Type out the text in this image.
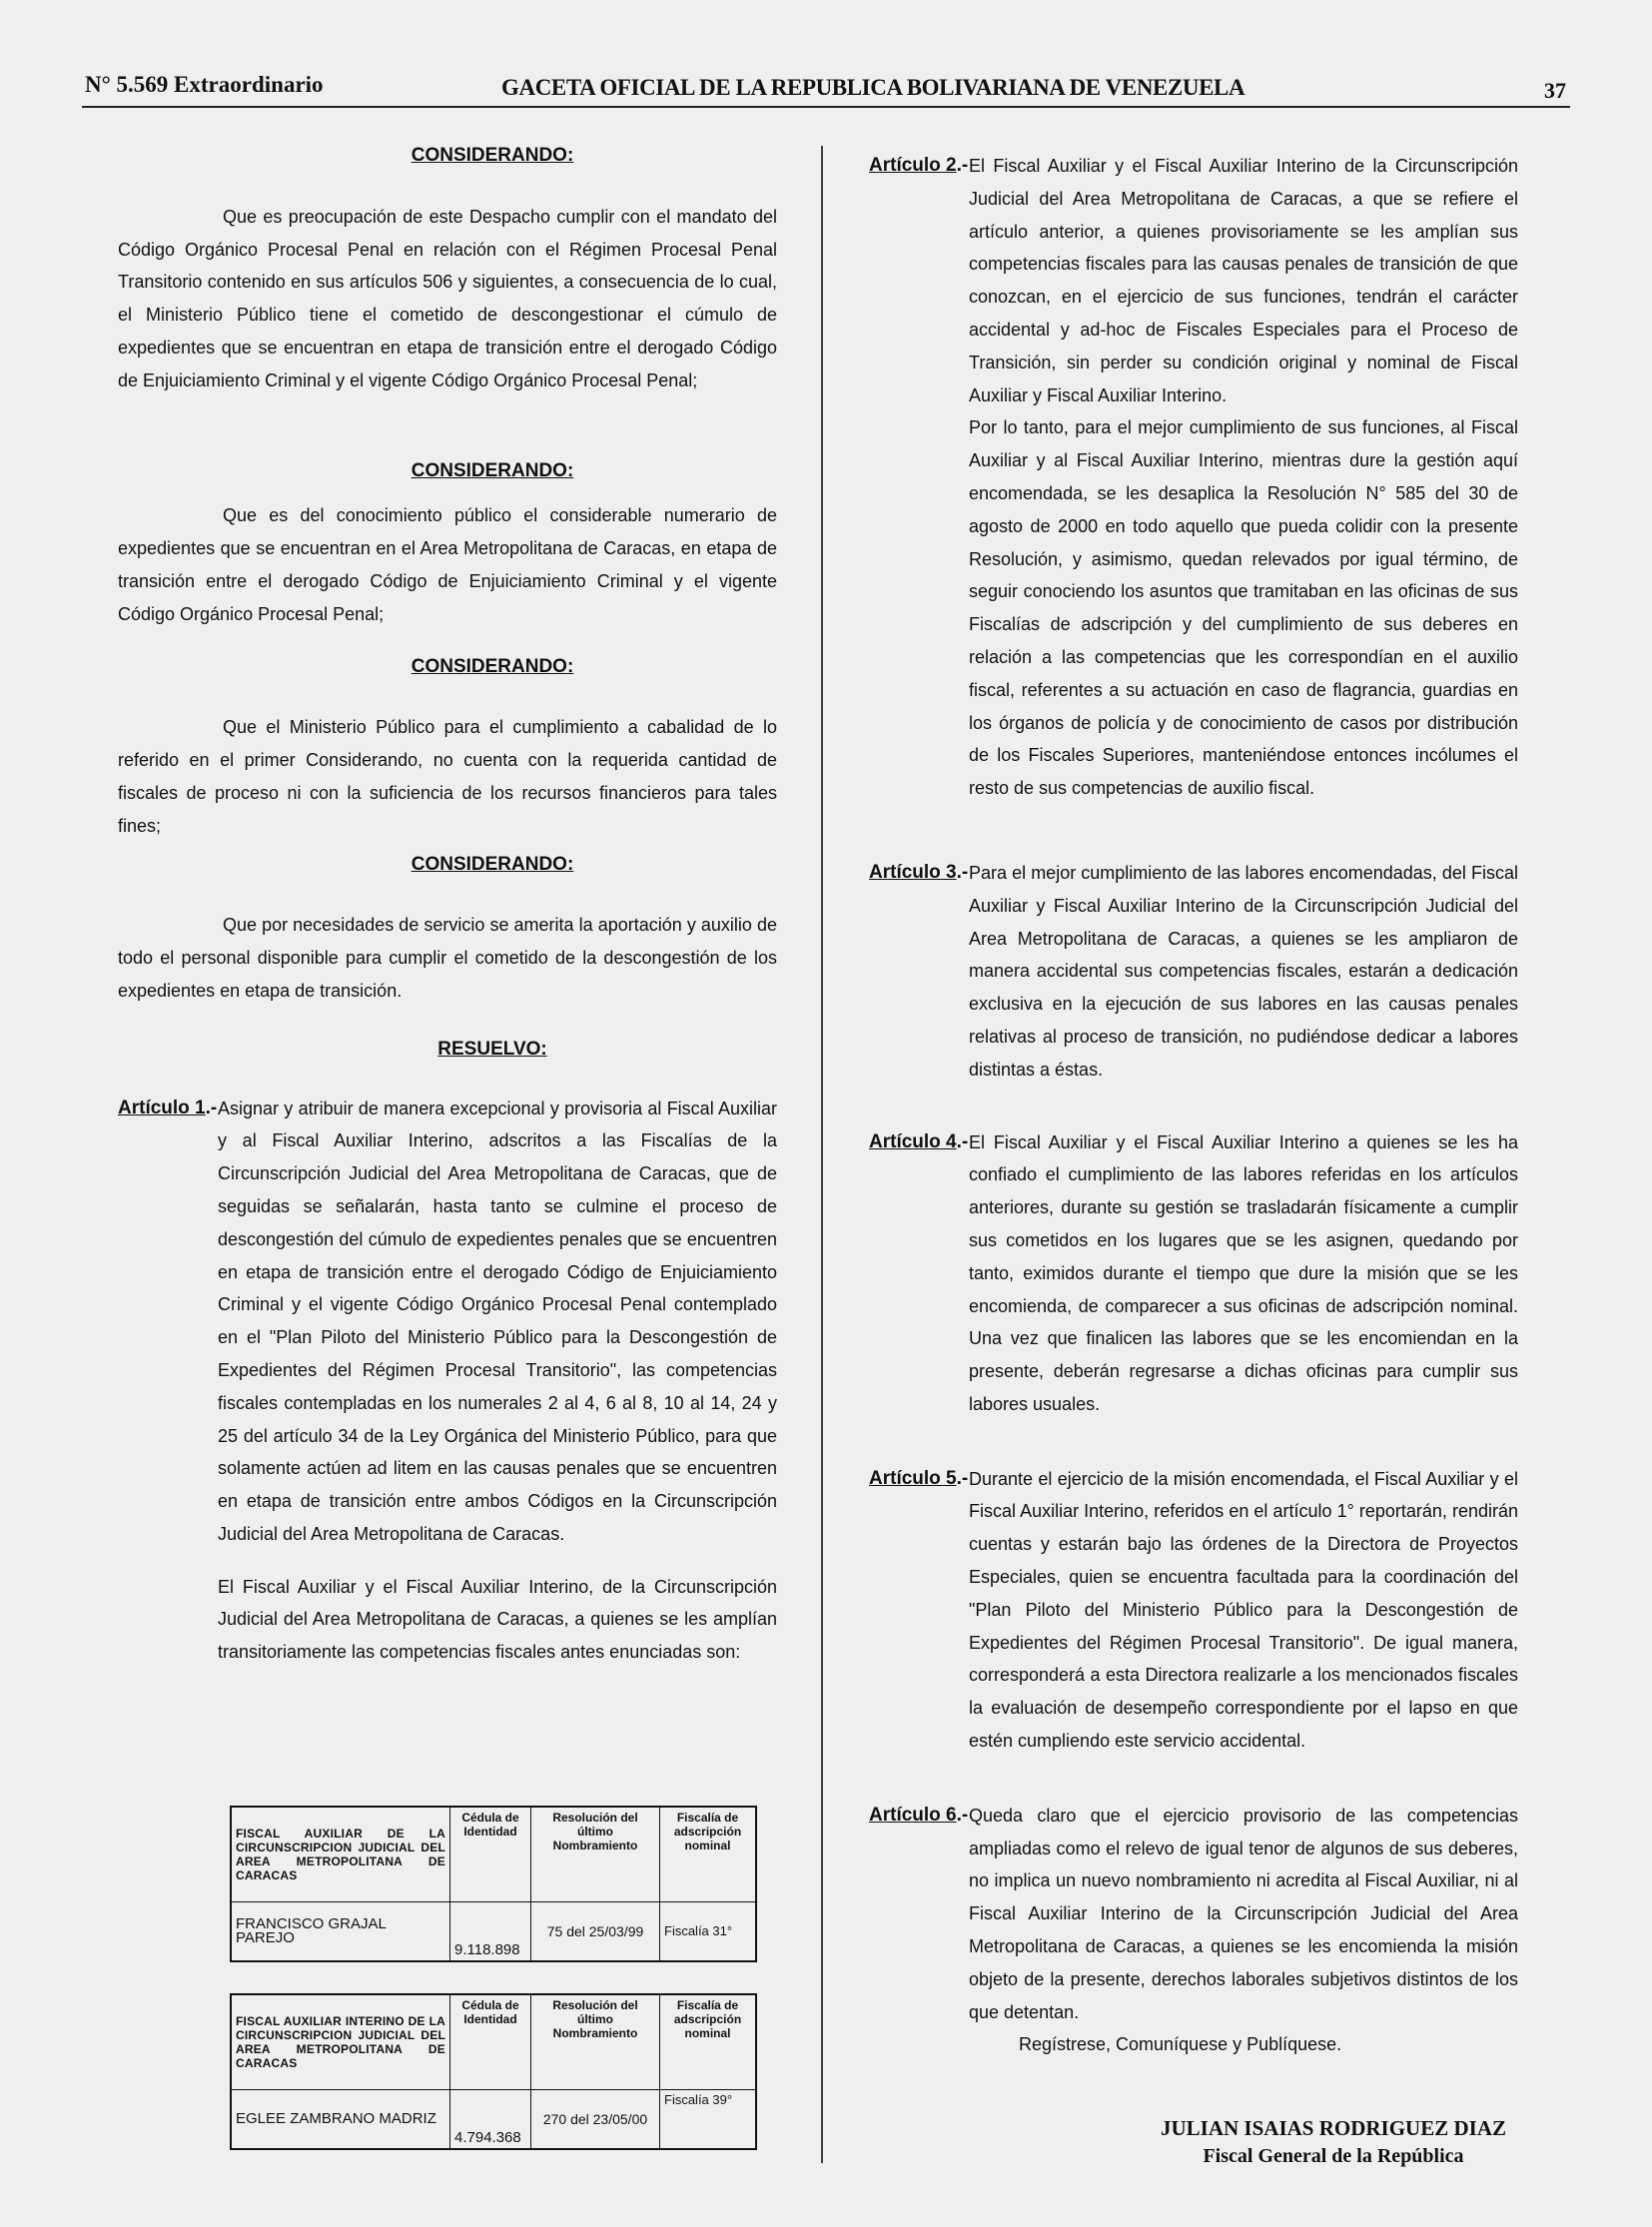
N° 5.569 Extraordinario	GACETA OFICIAL DE LA REPUBLICA BOLIVARIANA DE VENEZUELA	37
CONSIDERANDO:

Que es preocupación de este Despacho cumplir con el mandato del Código Orgánico Procesal Penal en relación con el Régimen Procesal Penal Transitorio contenido en sus artículos 506 y siguientes, a consecuencia de lo cual, el Ministerio Público tiene el cometido de descongestionar el cúmulo de expedientes que se encuentran en etapa de transición entre el derogado Código de Enjuiciamiento Criminal y el vigente Código Orgánico Procesal Penal;

CONSIDERANDO:

Que es del conocimiento público el considerable numerario de expedientes que se encuentran en el Area Metropolitana de Caracas, en etapa de transición entre el derogado Código de Enjuiciamiento Criminal y el vigente Código Orgánico Procesal Penal;

CONSIDERANDO:

Que el Ministerio Público para el cumplimiento a cabalidad de lo referido en el primer Considerando, no cuenta con la requerida cantidad de fiscales de proceso ni con la suficiencia de los recursos financieros para tales fines;

CONSIDERANDO:

Que por necesidades de servicio se amerita la aportación y auxilio de todo el personal disponible para cumplir el cometido de la descongestión de los expedientes en etapa de transición.

RESUELVO:
Artículo 1.- Asignar y atribuir de manera excepcional y provisoria al Fiscal Auxiliar y al Fiscal Auxiliar Interino, adscritos a las Fiscalías de la Circunscripción Judicial del Area Metropolitana de Caracas, que de seguidas se señalarán, hasta tanto se culmine el proceso de descongestión del cúmulo de expedientes penales que se encuentren en etapa de transición entre el derogado Código de Enjuiciamiento Criminal y el vigente Código Orgánico Procesal Penal contemplado en el "Plan Piloto del Ministerio Público para la Descongestión de Expedientes del Régimen Procesal Transitorio", las competencias fiscales contempladas en los numerales 2 al 4, 6 al 8, 10 al 14, 24 y 25 del artículo 34 de la Ley Orgánica del Ministerio Público, para que solamente actúen ad litem en las causas penales que se encuentren en etapa de transición entre ambos Códigos en la Circunscripción Judicial del Area Metropolitana de Caracas.

El Fiscal Auxiliar y el Fiscal Auxiliar Interino, de la Circunscripción Judicial del Area Metropolitana de Caracas, a quienes se les amplían transitoriamente las competencias fiscales antes enunciadas son:

FISCAL AUXILIAR DE LA CIRCUNSCRIPCION JUDICIAL DEL AREA METROPOLITANA DE CARACAS	Cédula de Identidad	Resolución del último Nombramiento	Fiscalía de adscripción nominal
FRANCISCO GRAJAL PAREJO	9.118.898	75 del 25/03/99	Fiscalía 31°
FISCAL AUXILIAR INTERINO DE LA CIRCUNSCRIPCION JUDICIAL DEL AREA METROPOLITANA DE CARACAS	Cédula de Identidad	Resolución del último Nombramiento	Fiscalía de adscripción nominal
EGLEE ZAMBRANO MADRIZ	4.794.368	270 del 23/05/00	Fiscalía 39°
Artículo 2.- El Fiscal Auxiliar y el Fiscal Auxiliar Interino de la Circunscripción Judicial del Area Metropolitana de Caracas, a que se refiere el artículo anterior, a quienes provisoriamente se les amplían sus competencias fiscales para las causas penales de transición de que conozcan, en el ejercicio de sus funciones, tendrán el carácter accidental y ad-hoc de Fiscales Especiales para el Proceso de Transición, sin perder su condición original y nominal de Fiscal Auxiliar y Fiscal Auxiliar Interino.

Por lo tanto, para el mejor cumplimiento de sus funciones, al Fiscal Auxiliar y al Fiscal Auxiliar Interino, mientras dure la gestión aquí encomendada, se les desaplica la Resolución N° 585 del 30 de agosto de 2000 en todo aquello que pueda colidir con la presente Resolución, y asimismo, quedan relevados por igual término, de seguir conociendo los asuntos que tramitaban en las oficinas de sus Fiscalías de adscripción y del cumplimiento de sus deberes en relación a las competencias que les correspondían en el auxilio fiscal, referentes a su actuación en caso de flagrancia, guardias en los órganos de policía y de conocimiento de casos por distribución de los Fiscales Superiores, manteniéndose entonces incólumes el resto de sus competencias de auxilio fiscal.

Artículo 3.- Para el mejor cumplimiento de las labores encomendadas, del Fiscal Auxiliar y Fiscal Auxiliar Interino de la Circunscripción Judicial del Area Metropolitana de Caracas, a quienes se les ampliaron de manera accidental sus competencias fiscales, estarán a dedicación exclusiva en la ejecución de sus labores en las causas penales relativas al proceso de transición, no pudiéndose dedicar a labores distintas a éstas.
Artículo 4.- El Fiscal Auxiliar y el Fiscal Auxiliar Interino a quienes se les ha confiado el cumplimiento de las labores referidas en los artículos anteriores, durante su gestión se trasladarán físicamente a cumplir sus cometidos en los lugares que se les asignen, quedando por tanto, eximidos durante el tiempo que dure la misión que se les encomienda, de comparecer a sus oficinas de adscripción nominal. Una vez que finalicen las labores que se les encomiendan en la presente, deberán regresarse a dichas oficinas para cumplir sus labores usuales.
Artículo 5.- Durante el ejercicio de la misión encomendada, el Fiscal Auxiliar y el Fiscal Auxiliar Interino, referidos en el artículo 1° reportarán, rendirán cuentas y estarán bajo las órdenes de la Directora de Proyectos Especiales, quien se encuentra facultada para la coordinación del "Plan Piloto del Ministerio Público para la Descongestión de Expedientes del Régimen Procesal Transitorio". De igual manera, corresponderá a esta Directora realizarle a los mencionados fiscales la evaluación de desempeño correspondiente por el lapso en que estén cumpliendo este servicio accidental.
Artículo 6.- Queda claro que el ejercicio provisorio de las competencias ampliadas como el relevo de igual tenor de algunos de sus deberes, no implica un nuevo nombramiento ni acredita al Fiscal Auxiliar, ni al Fiscal Auxiliar Interino de la Circunscripción Judicial del Area Metropolitana de Caracas, a quienes se les encomienda la misión objeto de la presente, derechos laborales subjetivos distintos de los que detentan.

Regístrese, Comuníquese y Publíquese.

JULIAN ISAIAS RODRIGUEZ DIAZ
Fiscal General de la República
